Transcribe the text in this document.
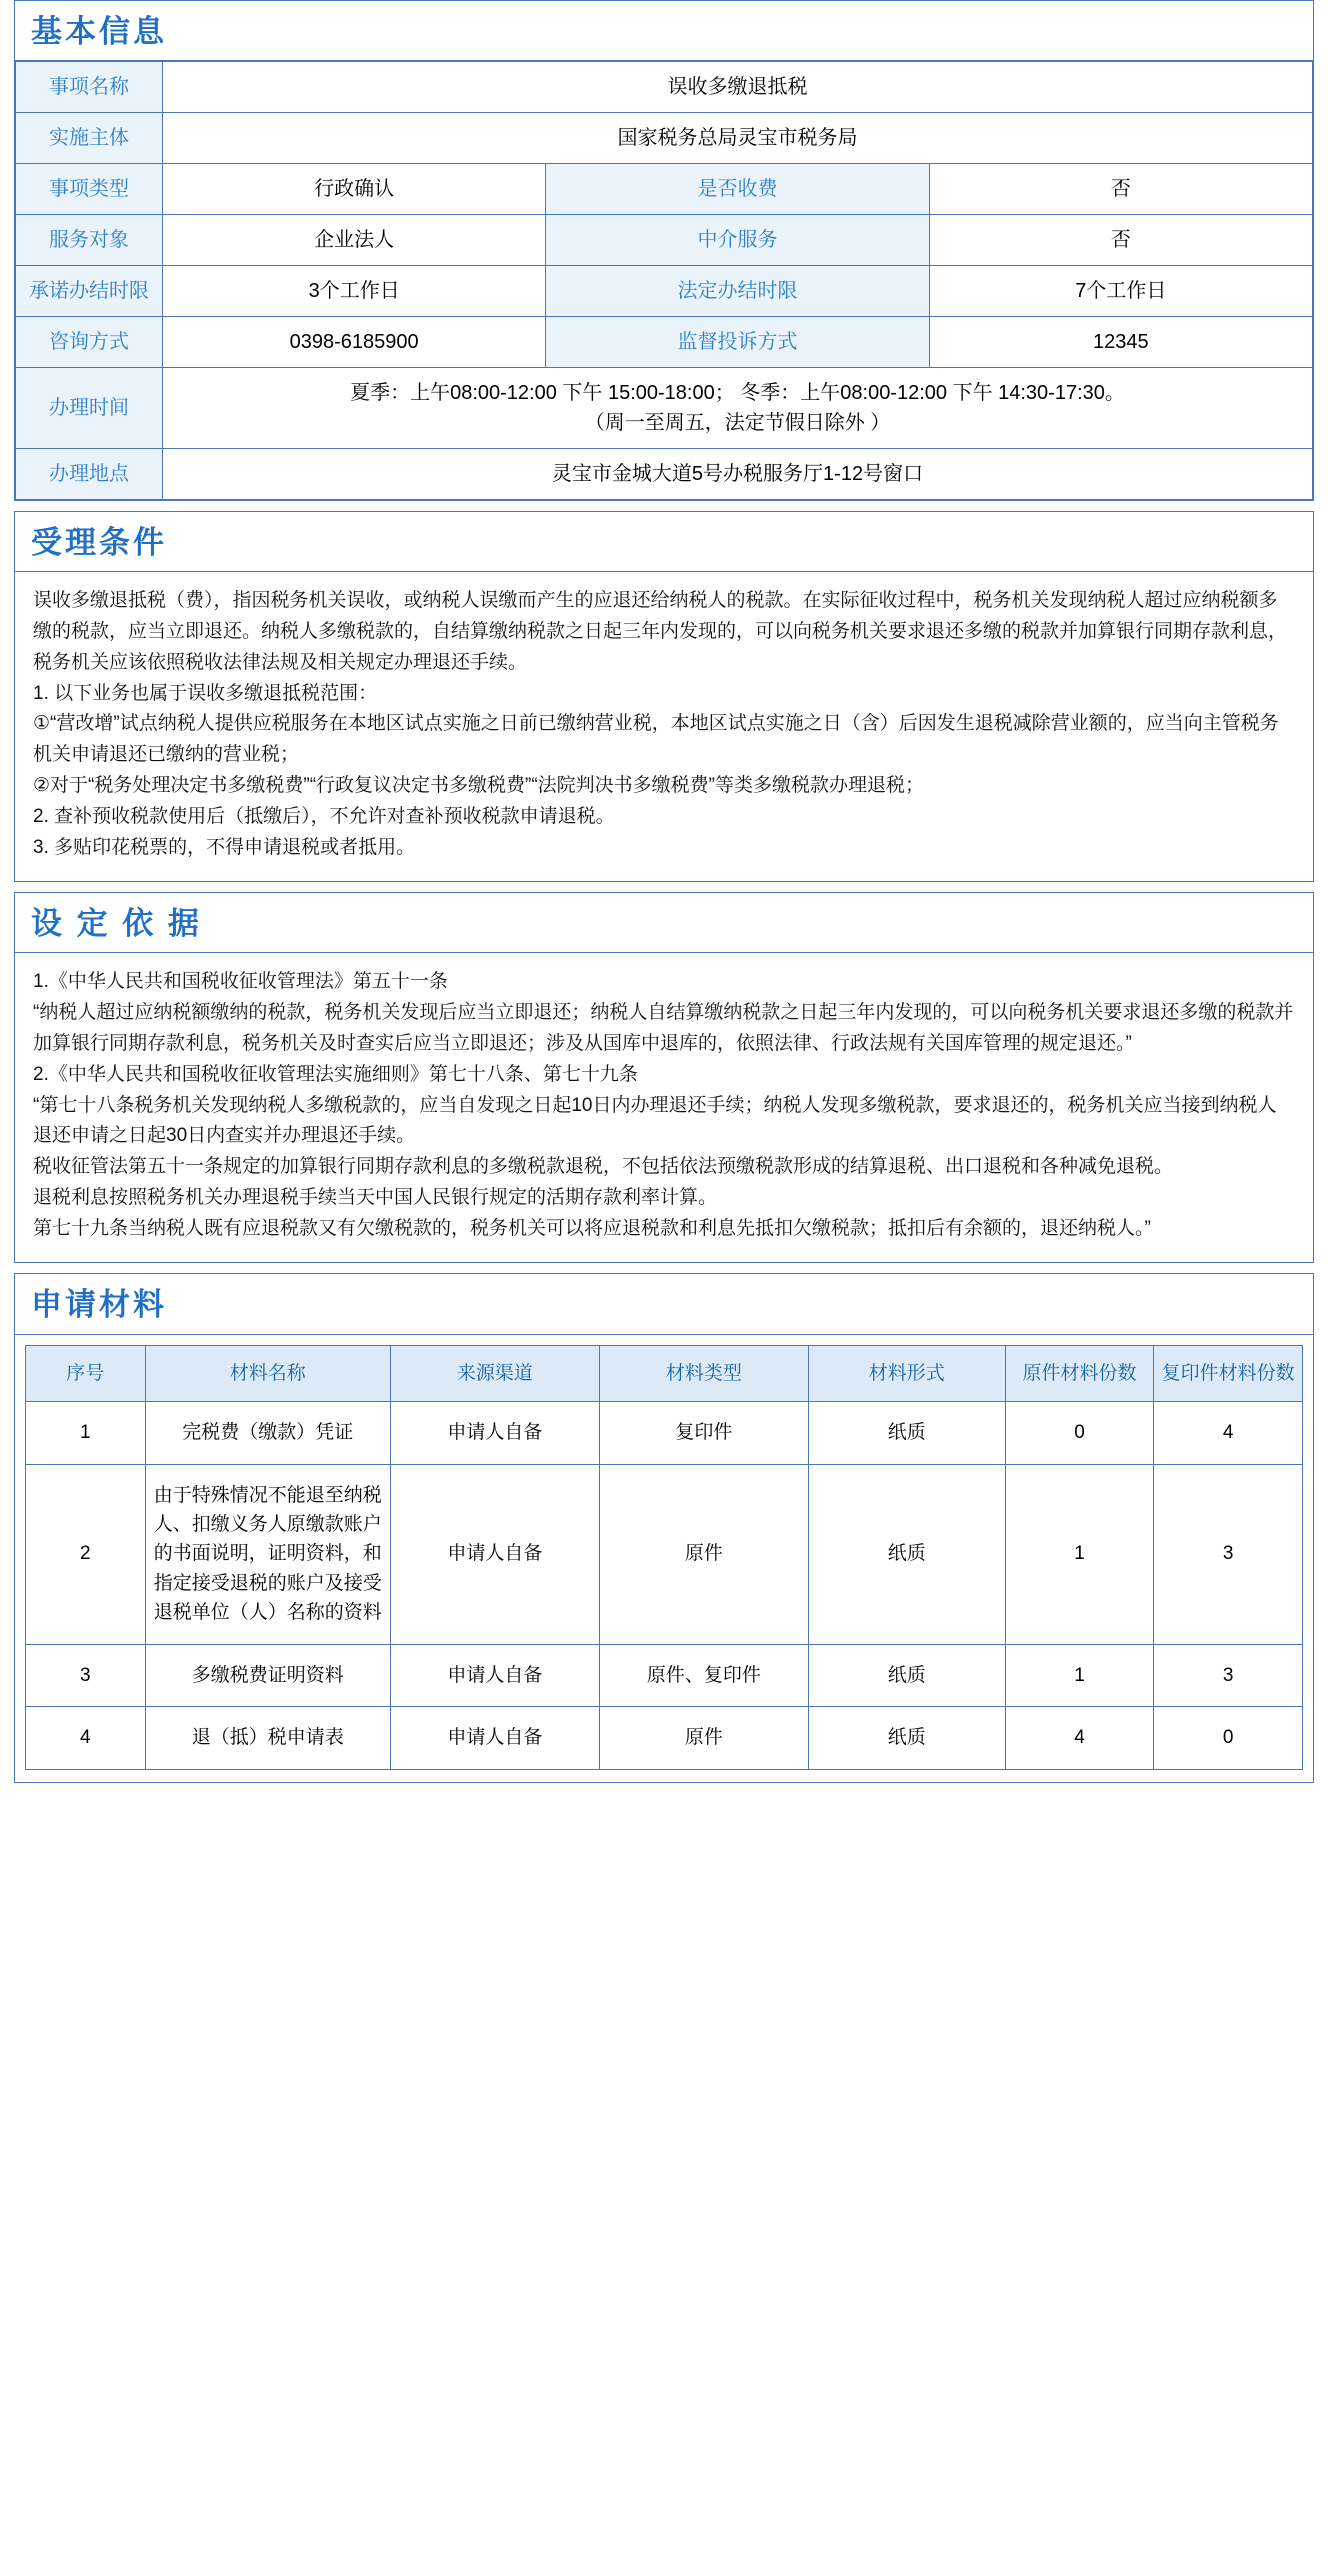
基本信息
事项名称	误收多缴退抵税		
实施主体	国家税务总局灵宝市税务局		
事项类型	行政确认	是否收费	否
服务对象	企业法人	中介服务	否
承诺办结时限	3个工作日	法定办结时限	7个工作日
咨询方式	0398-6185900	监督投诉方式	12345
办理时间	夏季：上午08:00-12:00 下午 15:00-18:00； 冬季：上午08:00-12:00 下午 14:30-17:30。
（周一至周五，法定节假日除外 ）		

办理地点	灵宝市金城大道5号办税服务厅1-12号窗口		
受理条件

误收多缴退抵税（费），指因税务机关误收，或纳税人误缴而产生的应退还给纳税人的税款。在实际征收过程中，税务机关发现纳税人超过应纳税额多缴的税款，应当立即退还。纳税人多缴税款的，自结算缴纳税款之日起三年内发现的，可以向税务机关要求退还多缴的税款并加算银行同期存款利息，税务机关应该依照税收法律法规及相关规定办理退还手续。

1. 以下业务也属于误收多缴退抵税范围：

①“营改增”试点纳税人提供应税服务在本地区试点实施之日前已缴纳营业税，本地区试点实施之日（含）后因发生退税减除营业额的，应当向主管税务机关申请退还已缴纳的营业税；

②对于“税务处理决定书多缴税费”“行政复议决定书多缴税费”“法院判决书多缴税费”等类多缴税款办理退税；

2. 查补预收税款使用后（抵缴后），不允许对查补预收税款申请退税。

3. 多贴印花税票的，不得申请退税或者抵用。

设 定 依 据

1.《中华人民共和国税收征收管理法》第五十一条

“纳税人超过应纳税额缴纳的税款，税务机关发现后应当立即退还；纳税人自结算缴纳税款之日起三年内发现的，可以向税务机关要求退还多缴的税款并加算银行同期存款利息，税务机关及时查实后应当立即退还；涉及从国库中退库的，依照法律、行政法规有关国库管理的规定退还。”

2.《中华人民共和国税收征收管理法实施细则》第七十八条、第七十九条

“第七十八条税务机关发现纳税人多缴税款的，应当自发现之日起10日内办理退还手续；纳税人发现多缴税款，要求退还的，税务机关应当接到纳税人退还申请之日起30日内查实并办理退还手续。

税收征管法第五十一条规定的加算银行同期存款利息的多缴税款退税，不包括依法预缴税款形成的结算退税、出口退税和各种减免退税。

退税利息按照税务机关办理退税手续当天中国人民银行规定的活期存款利率计算。

第七十九条当纳税人既有应退税款又有欠缴税款的，税务机关可以将应退税款和利息先抵扣欠缴税款；抵扣后有余额的，退还纳税人。”

申请材料
序号	材料名称	来源渠道	材料类型	材料形式	原件材料份数	复印件材料份数
1	完税费（缴款）凭证	申请人自备	复印件	纸质	0	4
2	由于特殊情况不能退至纳税人、扣缴义务人原缴款账户的书面说明，证明资料，和指定接受退税的账户及接受退税单位（人）名称的资料	申请人自备	原件	纸质	1	3
3	多缴税费证明资料	申请人自备	原件、复印件	纸质	1	3
4	退（抵）税申请表	申请人自备	原件	纸质	4	0
